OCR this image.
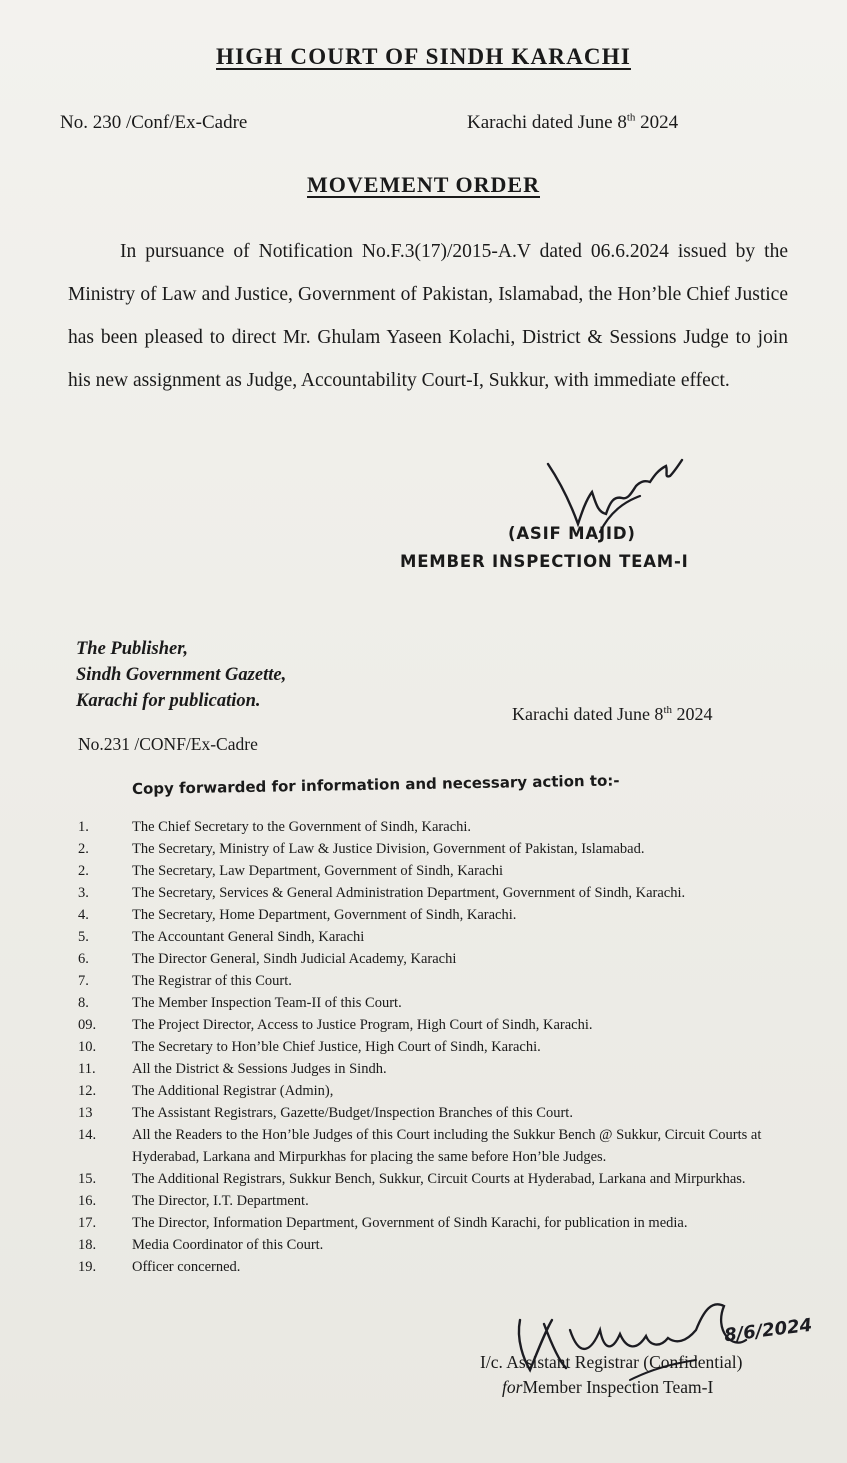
HIGH COURT OF SINDH KARACHI
No. 230 /Conf/Ex-Cadre	Karachi dated June 8th 2024
MOVEMENT ORDER
In pursuance of Notification No.F.3(17)/2015-A.V dated 06.6.2024 issued by the Ministry of Law and Justice, Government of Pakistan, Islamabad, the Hon’ble Chief Justice has been pleased to direct Mr. Ghulam Yaseen Kolachi, District & Sessions Judge to join his new assignment as Judge, Accountability Court-I, Sukkur, with immediate effect.
(ASIF MAJID)
MEMBER INSPECTION TEAM-I
The Publisher,
Sindh Government Gazette,
Karachi for publication.
Karachi dated June 8th 2024
No.231 /CONF/Ex-Cadre
Copy forwarded for information and necessary action to:-
1.	The Chief Secretary to the Government of Sindh, Karachi.
2.	The Secretary, Ministry of Law & Justice Division, Government of Pakistan, Islamabad.
2.	The Secretary, Law Department, Government of Sindh, Karachi
3.	The Secretary, Services & General Administration Department, Government of Sindh, Karachi.
4.	The Secretary, Home Department, Government of Sindh, Karachi.
5.	The Accountant General Sindh, Karachi
6.	The Director General, Sindh Judicial Academy, Karachi
7.	The Registrar of this Court.
8.	The Member Inspection Team-II of this Court.
09.	The Project Director, Access to Justice Program, High Court of Sindh, Karachi.
10.	The Secretary to Hon’ble Chief Justice, High Court of Sindh, Karachi.
11.	All the District & Sessions Judges in Sindh.
12.	The Additional Registrar (Admin),
13	The Assistant Registrars, Gazette/Budget/Inspection Branches of this Court.
14.	All the Readers to the Hon’ble Judges of this Court including the Sukkur Bench @ Sukkur, Circuit Courts at Hyderabad, Larkana and Mirpurkhas for placing the same before Hon’ble Judges.
15.	The Additional Registrars, Sukkur Bench, Sukkur, Circuit Courts at Hyderabad, Larkana and Mirpurkhas.
16.	The Director, I.T. Department.
17.	The Director, Information Department, Government of Sindh Karachi, for publication in media.
18.	Media Coordinator of this Court.
19.	Officer concerned.
8/6/2024
I/c. Assistant Registrar (Confidential)
forMember Inspection Team-I
